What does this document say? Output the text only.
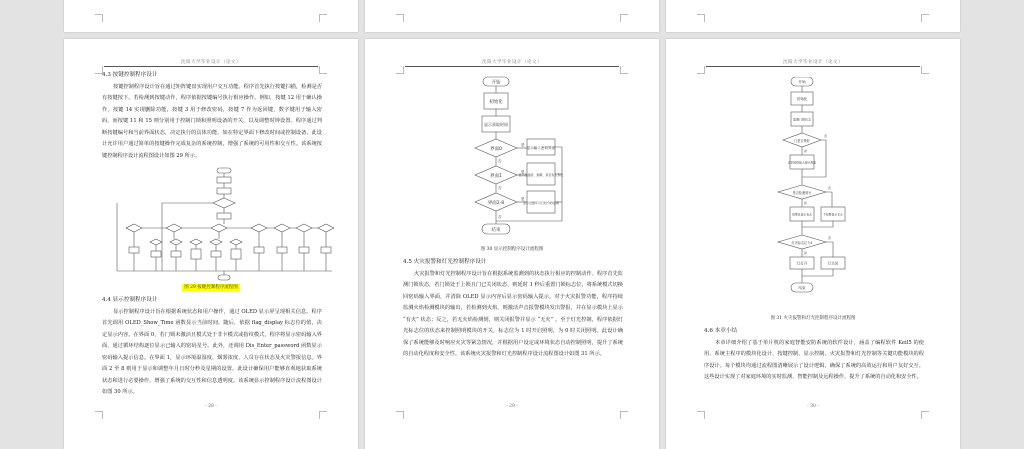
沈阳大学毕业设计（论文）
4.3 按键控制程序设计

按键控制程序设计旨在通过矩阵键盘实现用户交互功能。程序首先执行按键扫描，检测是否有按键按下。若检测到按键动作，程序依据按键编号执行相应操作。例如，按键 12 用于确认操作，按键 14 实现删除功能，按键 3 用于修改密码，按键 7 作为返回键，数字键用于输入密码，而按键 11 和 15 则分别用于控制门锁和照明设备的开关，以及调整时钟设置。程序通过判断按键编号和当前界面状态，决定执行的具体功能，如在特定界面下修改时间或控制设备。此设计允许用户通过简单的按键操作完成复杂的系统控制，增强了系统的可用性和交互性。该系统按键控制程序设计流程图设计如图 29 所示。

图 29 按键控制程序流程图
4.4 显示控制程序设计

显示控制程序设计旨在根据系统状态和用户操作，通过 OLED 显示屏呈现相关信息。程序首先调用 OLED_Show_Time 函数显示当前时间。随后，依据 flag_display 标志位的值，决定显示内容。在界面 0，若门锁未激活且模式处于非卡模式或指纹模式，程序将显示密码输入界面，通过循环结构逐位显示已输入的密码星号。此外，还调用 Dis_Enter_password 函数显示密码输入提示信息。在界面 1，显示环境温湿度、烟雾浓度、人员存在状态及火灾警报信息。界面 2 至 8 则用于显示和调整年月日时分秒及星期的设置。此设计确保用户能够直观地获取系统状态和进行必要操作，增强了系统的交互性和信息透明度。该系统显示控制程序设计流程图设计如图 30 所示。

- 28 -
沈阳大学毕业设计（论文）
开始
初始化
显示获取时间
界面0	显示输入密码界面
界面1	显示温湿度、烟雾、是否有人和火
界面2-8	显示设置年月日时分秒星期
结束
是
是
是
否
否
否
图 30 显示控制程序设计流程图
4.5 火灾报警和灯光控制程序设计

火灾报警和灯光控制程序设计旨在根据系统监测到的状态执行相应的控制动作。程序首先监测门锁状态，若门锁处于上锁且门已关闭状态，则延时 1 秒后重置门锁标志位，将系统模式切换回密码输入界面，并清除 OLED 显示内容后显示密码输入提示。对于火灾报警功能，程序持续监测火焰检测模块的输出，若检测到火焰，则激活声音报警模块发出警报，并在显示模块上显示 “有火” 状态；反之，若无火焰检测到，则关闭报警并显示 “无火” 。至于灯光控制，程序依据灯光标志位的状态来控制照明模块的开关，标志位为 1 时开启照明，为 0 时关闭照明。此设计确保了系统能够及时响应火灾等紧急情况，并根据用户设定或环境状态自动控制照明，提升了系统的自动化程度和安全性。该系统火灾报警和灯光控制程序设计流程图设计如图 31 所示。

- 29 -
沈阳大学毕业设计（论文）
开始
初始化
监测门锁状态
门是否锁好
返回密码输入提示界面
是否检测到火
报警且显示有火	不报警显示无火
灯光标志位为1
灯打开	灯关闭
结束
否
是
否
是
否
是
图 31 火灾报警和灯光控制程序设计流程图
4.6 本章小结

本章详细介绍了基于单片机的家庭智能安防系统的软件设计，涵盖了编程软件 Keil5 的使用、系统主程序的模块化设计、按键控制、显示控制、火灾报警和灯光控制等关键功能模块的程序设计。每个模块均通过流程图清晰展示了设计逻辑，确保了系统的高效运行和用户友好交互。这些设计实现了对家庭环境的实时监测、智能控制及远程操作，提升了系统的自动化和安全性。

- 30 -
